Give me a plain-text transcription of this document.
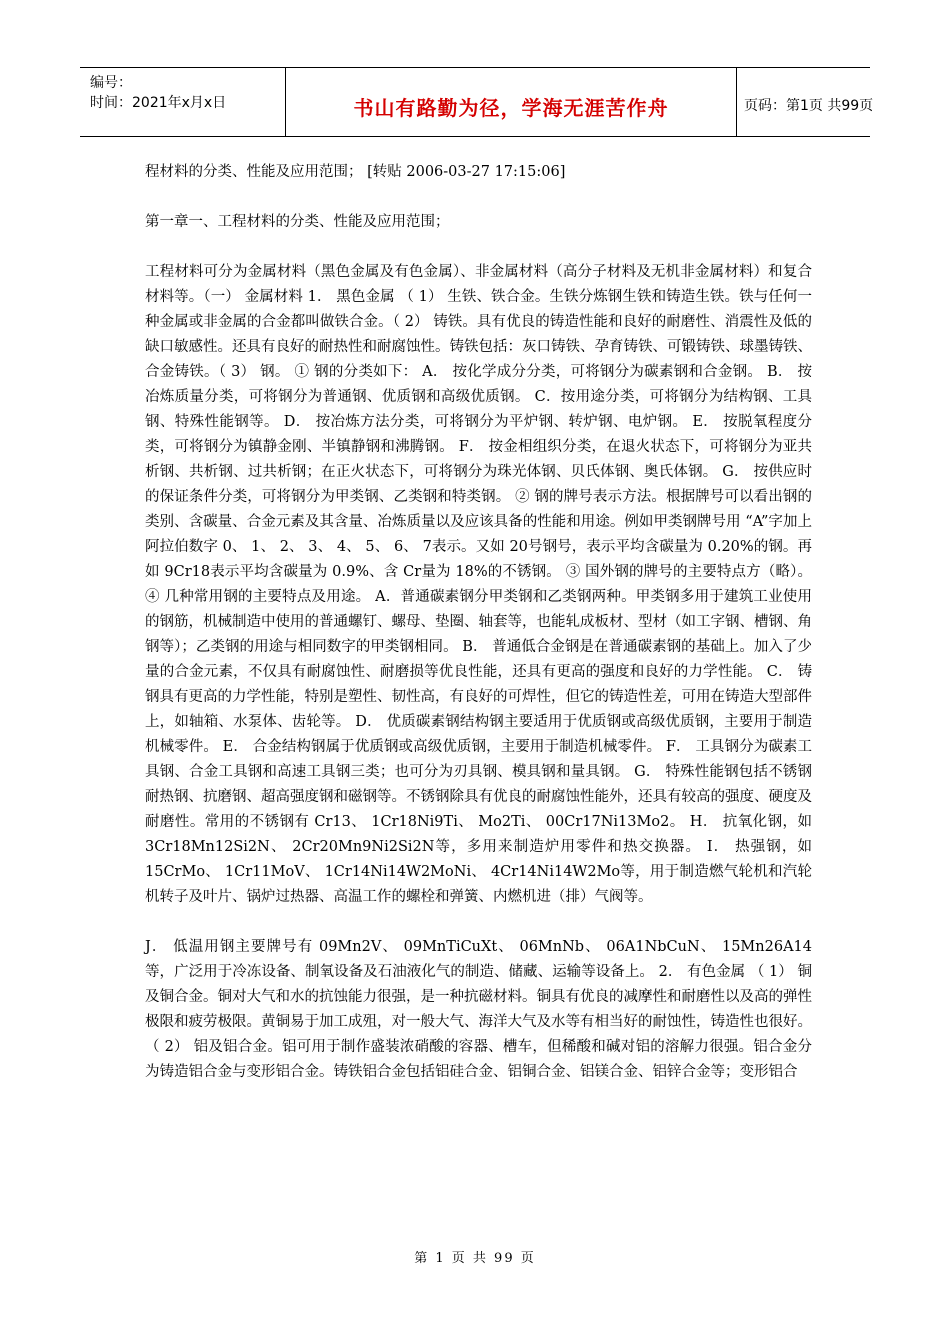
编号：
时间：2021年x月x日	书山有路勤为径，学海无涯苦作舟	页码：第1页 共99页

程材料的分类、性能及应用范围； [转贴 2006-03-27 17:15:06]

第一章一、工程材料的分类、性能及应用范围；

工程材料可分为金属材料（黑色金属及有色金属）、非金属材料（高分子材料及无机非金属材料）和复合材料等。（一） 金属材料 1． 黑色金属 （ 1） 生铁、铁合金。生铁分炼钢生铁和铸造生铁。铁与任何一种金属或非金属的合金都叫做铁合金。（ 2） 铸铁。具有优良的铸造性能和良好的耐磨性、消震性及低的缺口敏感性。还具有良好的耐热性和耐腐蚀性。铸铁包括：灰口铸铁、孕育铸铁、可锻铸铁、球墨铸铁、合金铸铁。（ 3） 钢。 ① 钢的分类如下： A． 按化学成分分类，可将钢分为碳素钢和合金钢。 B． 按冶炼质量分类，可将钢分为普通钢、优质钢和高级优质钢。 C．按用途分类，可将钢分为结构钢、工具钢、特殊性能钢等。 D． 按冶炼方法分类，可将钢分为平炉钢、转炉钢、电炉钢。 E． 按脱氧程度分类，可将钢分为镇静金刚、半镇静钢和沸腾钢。 F． 按金相组织分类，在退火状态下，可将钢分为亚共析钢、共析钢、过共析钢；在正火状态下，可将钢分为珠光体钢、贝氏体钢、奥氏体钢。 G． 按供应时的保证条件分类，可将钢分为甲类钢、乙类钢和特类钢。 ② 钢的牌号表示方法。根据牌号可以看出钢的类别、含碳量、合金元素及其含量、冶炼质量以及应该具备的性能和用途。例如甲类钢牌号用 “A”字加上阿拉伯数字 0、 1、 2、 3、 4、 5、 6、 7表示。又如 20号钢号，表示平均含碳量为 0.20%的钢。再如 9Cr18表示平均含碳量为 0.9%、含 Cr量为 18%的不锈钢。 ③ 国外钢的牌号的主要特点方（略）。 ④ 几种常用钢的主要特点及用途。 A．普通碳素钢分甲类钢和乙类钢两种。甲类钢多用于建筑工业使用的钢筋，机械制造中使用的普通螺钉、螺母、垫圈、轴套等，也能轧成板材、型材（如工字钢、槽钢、角钢等）；乙类钢的用途与相同数字的甲类钢相同。 B． 普通低合金钢是在普通碳素钢的基础上。加入了少量的合金元素，不仅具有耐腐蚀性、耐磨损等优良性能，还具有更高的强度和良好的力学性能。 C． 铸钢具有更高的力学性能，特别是塑性、韧性高，有良好的可焊性，但它的铸造性差，可用在铸造大型部件上，如轴箱、水泵体、齿轮等。 D． 优质碳素钢结构钢主要适用于优质钢或高级优质钢，主要用于制造机械零件。 E． 合金结构钢属于优质钢或高级优质钢，主要用于制造机械零件。 F． 工具钢分为碳素工具钢、合金工具钢和高速工具钢三类；也可分为刃具钢、模具钢和量具钢。 G． 特殊性能钢包括不锈钢耐热钢、抗磨钢、超高强度钢和磁钢等。不锈钢除具有优良的耐腐蚀性能外，还具有较高的强度、硬度及耐磨性。常用的不锈钢有 Cr13、 1Cr18Ni9Ti、 Mo2Ti、 00Cr17Ni13Mo2。 H． 抗氧化钢，如 3Cr18Mn12Si2N、 2Cr20Mn9Ni2Si2N等，多用来制造炉用零件和热交换器。 I． 热强钢，如 15CrMo、 1Cr11MoV、 1Cr14Ni14W2MoNi、 4Cr14Ni14W2Mo等，用于制造燃气轮机和汽轮机转子及叶片、锅炉过热器、高温工作的螺栓和弹簧、内燃机进（排）气阀等。

J． 低温用钢主要牌号有 09Mn2V、 09MnTiCuXt、 06MnNb、 06A1NbCuN、 15Mn26A14等，广泛用于冷冻设备、制氧设备及石油液化气的制造、储藏、运输等设备上。 2． 有色金属 （ 1） 铜及铜合金。铜对大气和水的抗蚀能力很强，是一种抗磁材料。铜具有优良的减摩性和耐磨性以及高的弹性极限和疲劳极限。黄铜易于加工成殂，对一般大气、海洋大气及水等有相当好的耐蚀性，铸造性也很好。（ 2） 铝及铝合金。铝可用于制作盛装浓硝酸的容器、槽车，但稀酸和碱对铝的溶解力很强。铝合金分为铸造铝合金与变形铝合金。铸铁铝合金包括铝硅合金、铝铜合金、铝镁合金、铝锌合金等；变形铝合

第 1 页 共 99 页
